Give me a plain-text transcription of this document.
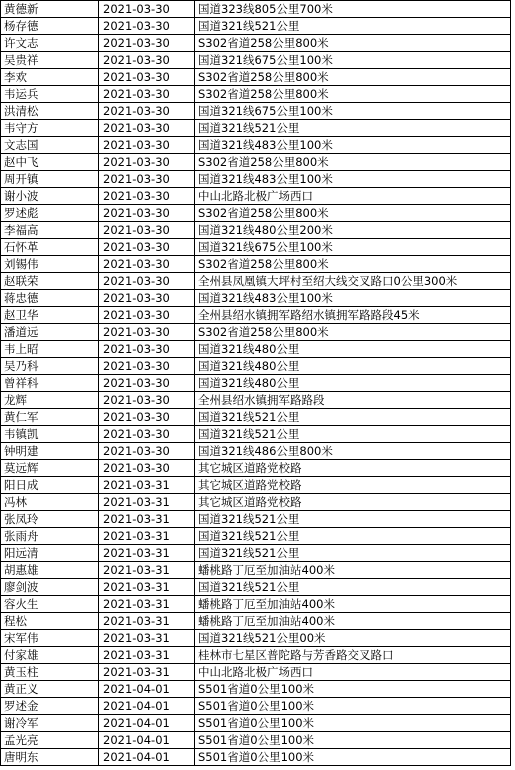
黄德新	2021-03-30	国道323线805公里700米
杨存德	2021-03-30	国道321线521公里
许文志	2021-03-30	S302省道258公里800米
吴贵祥	2021-03-30	国道321线675公里100米
李欢	2021-03-30	S302省道258公里800米
韦运兵	2021-03-30	S302省道258公里800米
洪清松	2021-03-30	国道321线675公里100米
韦守方	2021-03-30	国道321线521公里
文志国	2021-03-30	国道321线483公里100米
赵中飞	2021-03-30	S302省道258公里800米
周开镇	2021-03-30	国道321线483公里100米
谢小波	2021-03-30	中山北路北极广场西口
罗述彪	2021-03-30	S302省道258公里800米
李福高	2021-03-30	国道321线480公里200米
石怀革	2021-03-30	国道321线675公里100米
刘锡伟	2021-03-30	S302省道258公里800米
赵联荣	2021-03-30	全州县凤凰镇大坪村至绍大线交叉路口0公里300米
蒋忠德	2021-03-30	国道321线483公里100米
赵卫华	2021-03-30	全州县绍水镇拥军路绍水镇拥军路路段45米
潘道远	2021-03-30	S302省道258公里800米
韦上昭	2021-03-30	国道321线480公里
吴乃科	2021-03-30	国道321线480公里
曾祥科	2021-03-30	国道321线480公里
龙辉	2021-03-30	全州县绍水镇拥军路路段
黄仁军	2021-03-30	国道321线521公里
韦镇凯	2021-03-30	国道321线521公里
钟明建	2021-03-30	国道321线486公里800米
莫远辉	2021-03-30	其它城区道路党校路
阳日成	2021-03-31	其它城区道路党校路
冯林	2021-03-31	其它城区道路党校路
张凤玲	2021-03-31	国道321线521公里
张雨舟	2021-03-31	国道321线521公里
阳远清	2021-03-31	国道321线521公里
胡惠雄	2021-03-31	蟠桃路丁厄至加油站400米
廖剑波	2021-03-31	国道321线521公里
容火生	2021-03-31	蟠桃路丁厄至加油站400米
程松	2021-03-31	蟠桃路丁厄至加油站400米
宋军伟	2021-03-31	国道321线521公里00米
付家雄	2021-03-31	桂林市七星区普陀路与芳香路交叉路口
黄玉柱	2021-03-31	中山北路北极广场西口
黄正义	2021-04-01	S501省道0公里100米
罗述金	2021-04-01	S501省道0公里100米
谢冷军	2021-04-01	S501省道0公里100米
孟光亮	2021-04-01	S501省道0公里100米
唐明东	2021-04-01	S501省道0公里100米
